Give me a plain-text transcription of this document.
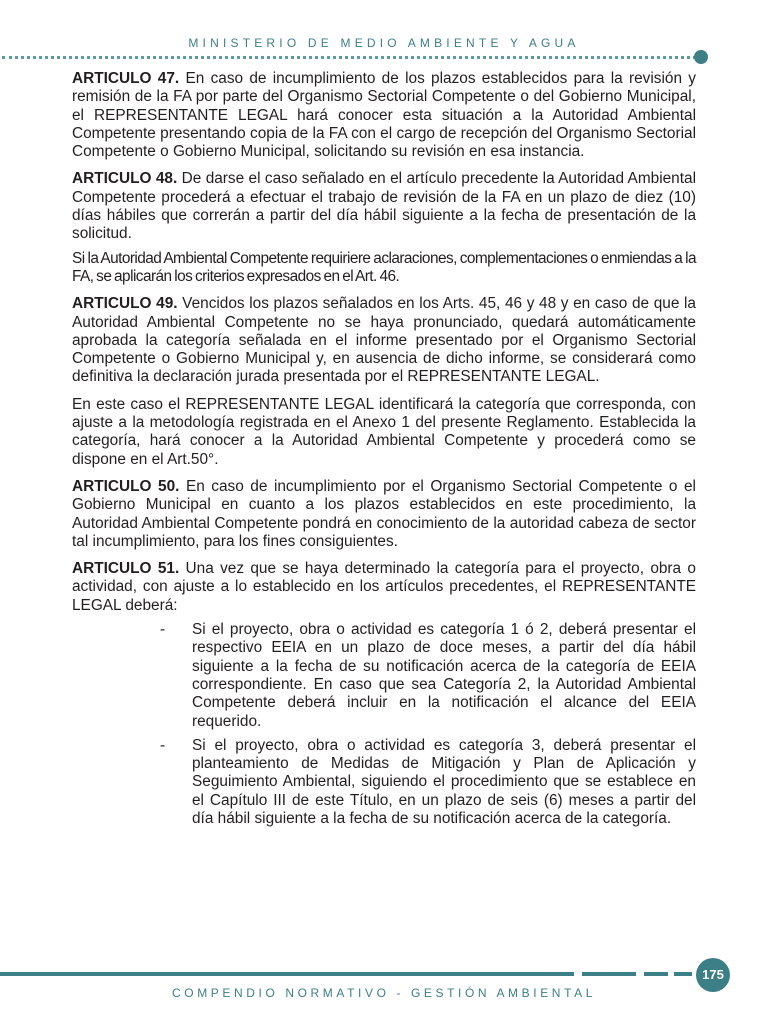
MINISTERIO DE MEDIO AMBIENTE Y AGUA

ARTICULO 47. En caso de incumplimiento de los plazos establecidos para la revisión y remisión de la FA por parte del Organismo Sectorial Competente o del Gobierno Municipal, el REPRESENTANTE LEGAL hará conocer esta situación a la Autoridad Ambiental Competente presentando copia de la FA con el cargo de recepción del Organismo Sectorial Competente o Gobierno Municipal, solicitando su revisión en esa instancia.

ARTICULO 48. De darse el caso señalado en el artículo precedente la Autoridad Ambiental Competente procederá a efectuar el trabajo de revisión de la FA en un plazo de diez (10) días hábiles que correrán a partir del día hábil siguiente a la fecha de presentación de la solicitud.

Si la Autoridad Ambiental Competente requiriere aclaraciones, complementaciones o enmiendas a la FA, se aplicarán los criterios expresados en el Art. 46.

ARTICULO 49. Vencidos los plazos señalados en los Arts. 45, 46 y 48 y en caso de que la Autoridad Ambiental Competente no se haya pronunciado, quedará automáticamente aprobada la categoría señalada en el informe presentado por el Organismo Sectorial Competente o Gobierno Municipal y, en ausencia de dicho informe, se considerará como definitiva la declaración jurada presentada por el REPRESENTANTE LEGAL.

En este caso el REPRESENTANTE LEGAL identificará la categoría que corresponda, con ajuste a la metodología registrada en el Anexo 1 del presente Reglamento. Establecida la categoría, hará conocer a la Autoridad Ambiental Competente y procederá como se dispone en el Art.50°.

ARTICULO 50. En caso de incumplimiento por el Organismo Sectorial Competente o el Gobierno Municipal en cuanto a los plazos establecidos en este procedimiento, la Autoridad Ambiental Competente pondrá en conocimiento de la autoridad cabeza de sector tal incumplimiento, para los fines consiguientes.

ARTICULO 51. Una vez que se haya determinado la categoría para el proyecto, obra o actividad, con ajuste a lo establecido en los artículos precedentes, el REPRESENTANTE LEGAL deberá:

- Si el proyecto, obra o actividad es categoría 1 ó 2, deberá presentar el respectivo EEIA en un plazo de doce meses, a partir del día hábil siguiente a la fecha de su notificación acerca de la categoría de EEIA correspondiente. En caso que sea Categoría 2, la Autoridad Ambiental Competente deberá incluir en la notificación el alcance del EEIA requerido.
- Si el proyecto, obra o actividad es categoría 3, deberá presentar el planteamiento de Medidas de Mitigación y Plan de Aplicación y Seguimiento Ambiental, siguiendo el procedimiento que se establece en el Capítulo III de este Título, en un plazo de seis (6) meses a partir del día hábil siguiente a la fecha de su notificación acerca de la categoría.
175
COMPENDIO NORMATIVO - GESTIÓN AMBIENTAL
